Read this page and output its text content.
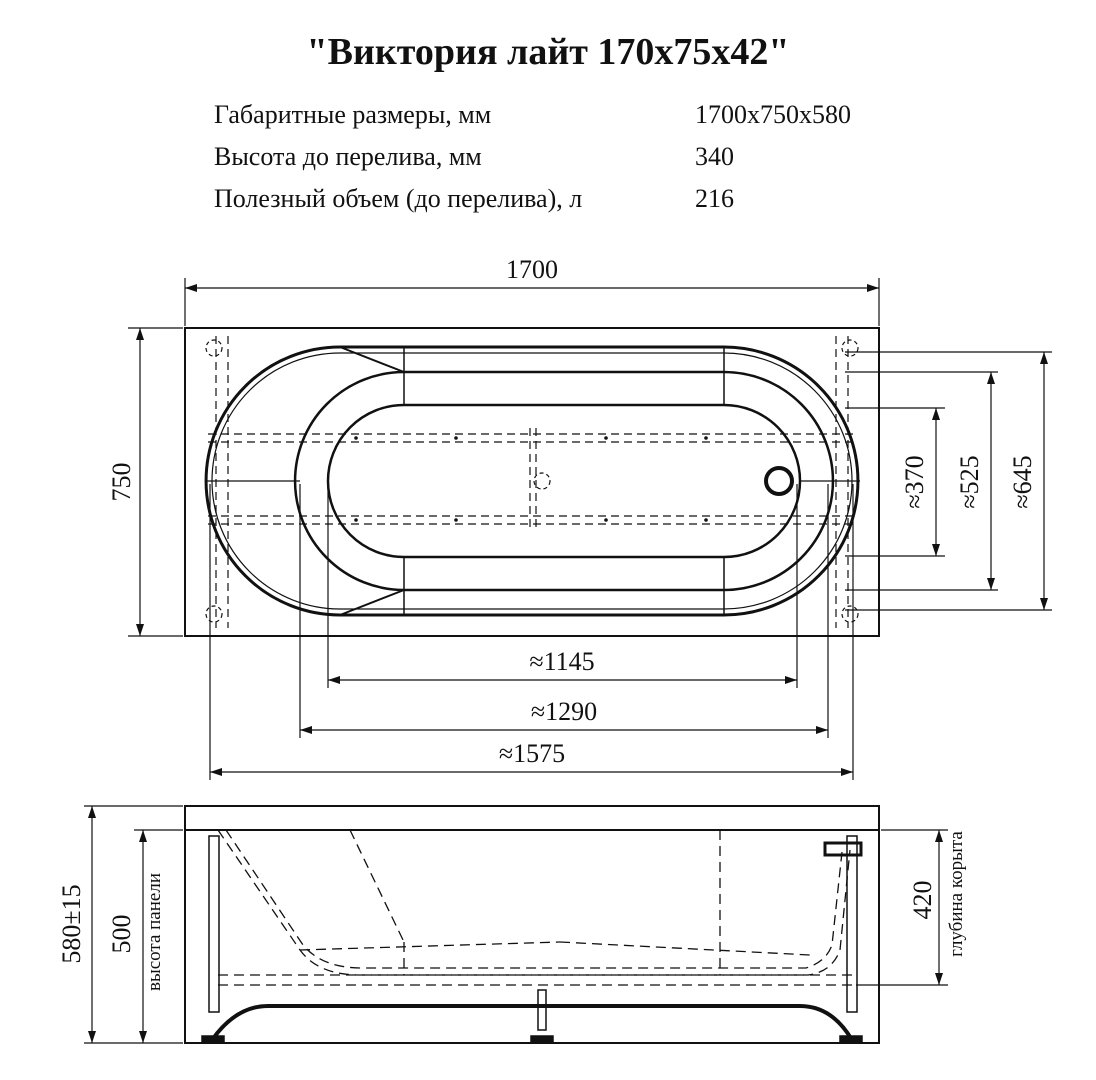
"Виктория лайт 170х75х42"
Габаритные размеры, мм	1700х750х580
Высота до перелива, мм	340
Полезный объем (до перелива), л	216
1700
750	≈370 ≈525 ≈645
≈1145
≈1290
≈1575
580±15 500 высота панели	420 глубина корыта
